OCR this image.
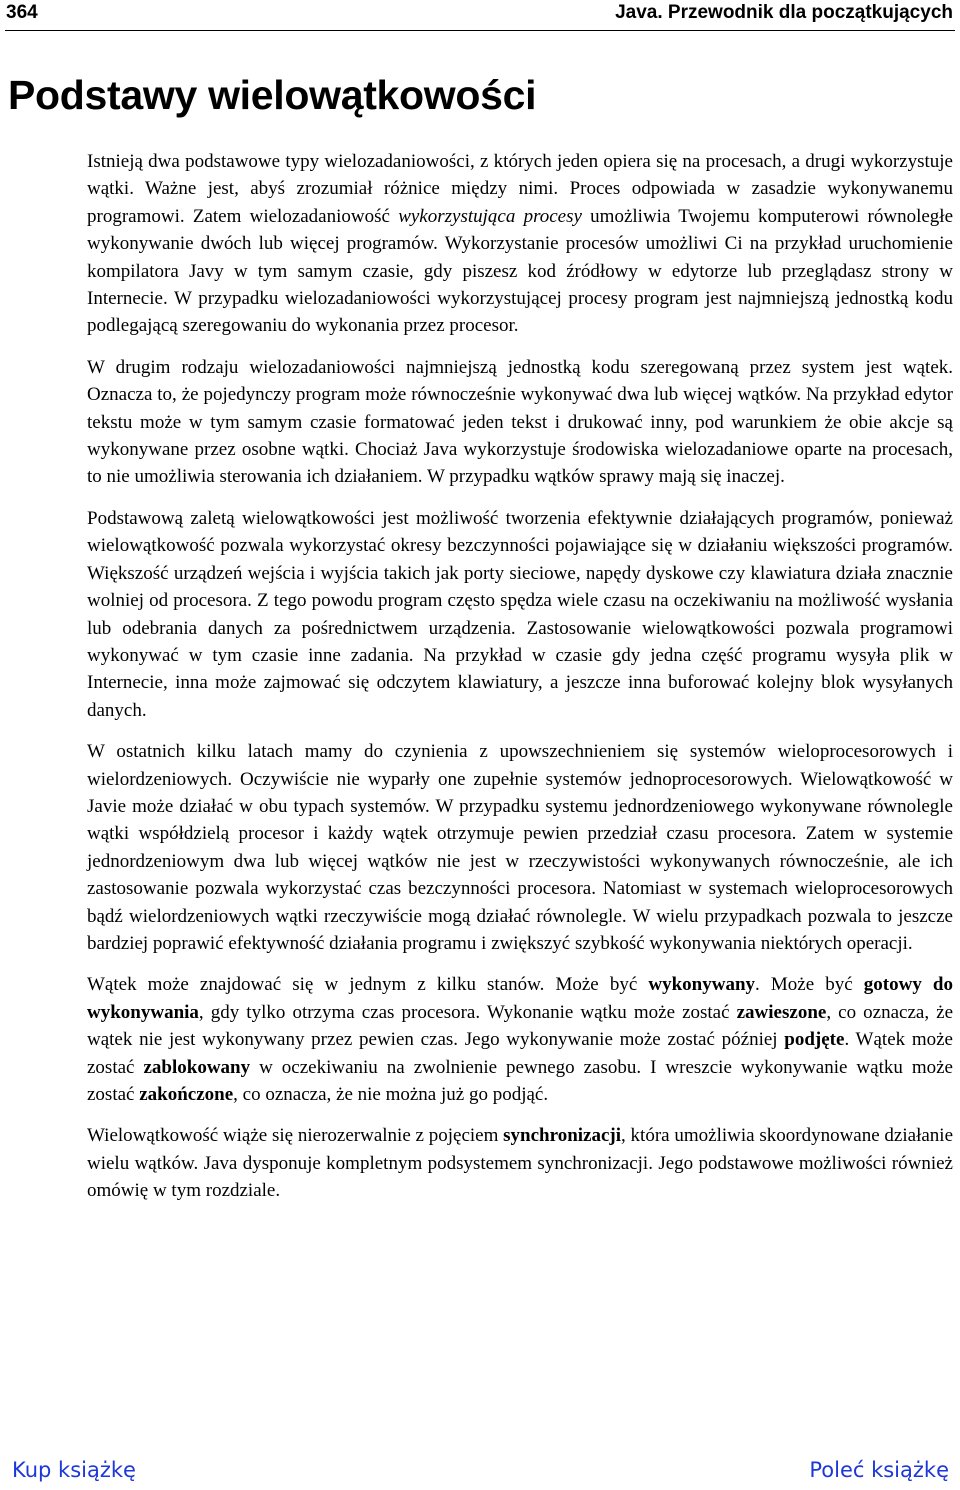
364	Java. Przewodnik dla początkujących
Podstawy wielowątkowości

Istnieją dwa podstawowe typy wielozadaniowości, z których jeden opiera się na procesach, a drugi wykorzystuje wątki. Ważne jest, abyś zrozumiał różnice między nimi. Proces odpowiada w zasadzie wykonywanemu programowi. Zatem wielozadaniowość wykorzystująca procesy umożliwia Twojemu komputerowi równoległe wykonywanie dwóch lub więcej programów. Wykorzystanie procesów umożliwi Ci na przykład uruchomienie kompilatora Javy w tym samym czasie, gdy piszesz kod źródłowy w edytorze lub przeglądasz strony w Internecie. W przypadku wielozadaniowości wykorzystującej procesy program jest najmniejszą jednostką kodu podlegającą szeregowaniu do wykonania przez procesor.

W drugim rodzaju wielozadaniowości najmniejszą jednostką kodu szeregowaną przez system jest wątek. Oznacza to, że pojedynczy program może równocześnie wykonywać dwa lub więcej wątków. Na przykład edytor tekstu może w tym samym czasie formatować jeden tekst i drukować inny, pod warunkiem że obie akcje są wykonywane przez osobne wątki. Chociaż Java wykorzystuje środowiska wielozadaniowe oparte na procesach, to nie umożliwia sterowania ich działaniem. W przypadku wątków sprawy mają się inaczej.

Podstawową zaletą wielowątkowości jest możliwość tworzenia efektywnie działających programów, ponieważ wielowątkowość pozwala wykorzystać okresy bezczynności pojawiające się w działaniu większości programów. Większość urządzeń wejścia i wyjścia takich jak porty sieciowe, napędy dyskowe czy klawiatura działa znacznie wolniej od procesora. Z tego powodu program często spędza wiele czasu na oczekiwaniu na możliwość wysłania lub odebrania danych za pośrednictwem urządzenia. Zastosowanie wielowątkowości pozwala programowi wykonywać w tym czasie inne zadania. Na przykład w czasie gdy jedna część programu wysyła plik w Internecie, inna może zajmować się odczytem klawiatury, a jeszcze inna buforować kolejny blok wysyłanych danych.

W ostatnich kilku latach mamy do czynienia z upowszechnieniem się systemów wieloprocesorowych i wielordzeniowych. Oczywiście nie wyparły one zupełnie systemów jednoprocesorowych. Wielowątkowość w Javie może działać w obu typach systemów. W przypadku systemu jednordzeniowego wykonywane równolegle wątki współdzielą procesor i każdy wątek otrzymuje pewien przedział czasu procesora. Zatem w systemie jednordzeniowym dwa lub więcej wątków nie jest w rzeczywistości wykonywanych równocześnie, ale ich zastosowanie pozwala wykorzystać czas bezczynności procesora. Natomiast w systemach wieloprocesorowych bądź wielordzeniowych wątki rzeczywiście mogą działać równolegle. W wielu przypadkach pozwala to jeszcze bardziej poprawić efektywność działania programu i zwiększyć szybkość wykonywania niektórych operacji.

Wątek może znajdować się w jednym z kilku stanów. Może być wykonywany. Może być gotowy do wykonywania, gdy tylko otrzyma czas procesora. Wykonanie wątku może zostać zawieszone, co oznacza, że wątek nie jest wykonywany przez pewien czas. Jego wykonywanie może zostać później podjęte. Wątek może zostać zablokowany w oczekiwaniu na zwolnienie pewnego zasobu. I wreszcie wykonywanie wątku może zostać zakończone, co oznacza, że nie można już go podjąć.

Wielowątkowość wiąże się nierozerwalnie z pojęciem synchronizacji, która umożliwia skoordynowane działanie wielu wątków. Java dysponuje kompletnym podsystemem synchronizacji. Jego podstawowe możliwości również omówię w tym rozdziale.

Kup książkę	Poleć książkę
